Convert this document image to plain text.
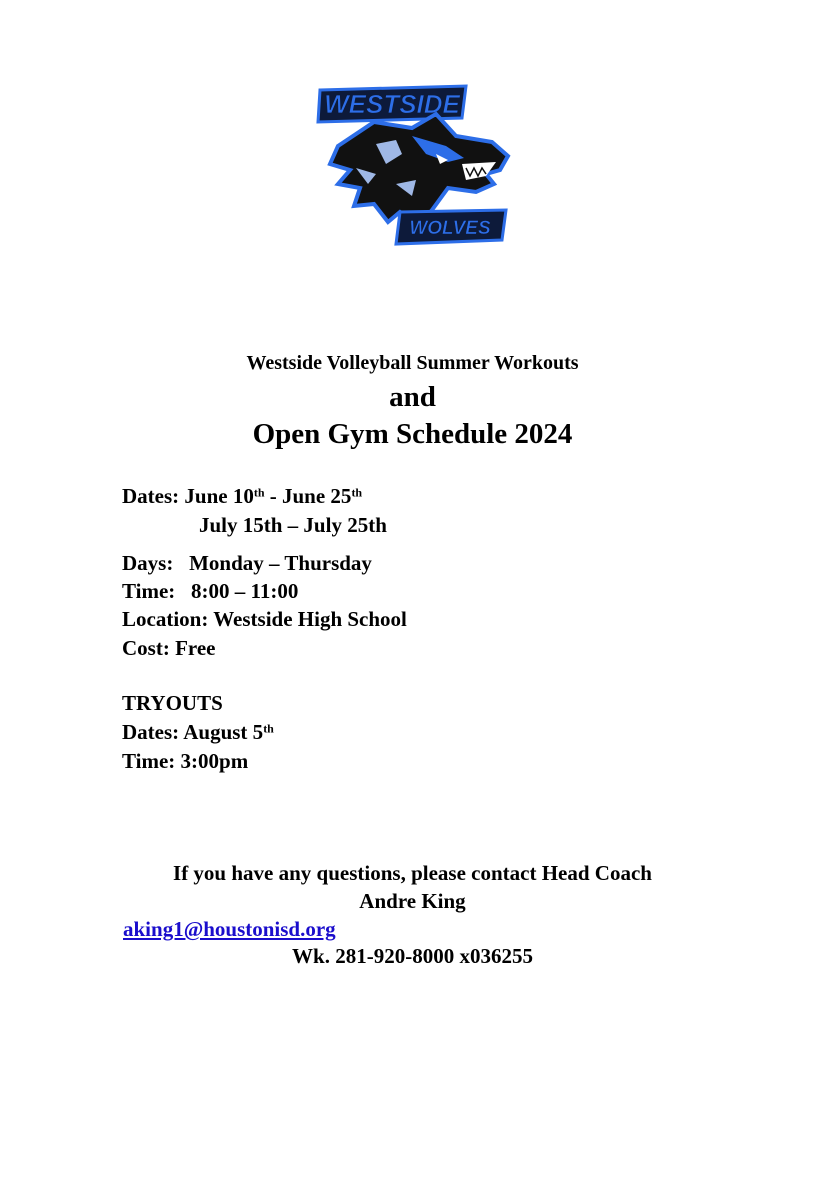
WESTSIDE
WOLVES

Westside Volleyball Summer Workouts

and

Open Gym Schedule 2024

Dates: June 10th - June 25th
July 15th – July 25th
Days:   Monday – Thursday
Time:   8:00 – 11:00
Location: Westside High School
Cost: Free
TRYOUTS
Dates: August 5th
Time: 3:00pm
If you have any questions, please contact Head Coach
Andre King
aking1@houstonisd.org
Wk. 281-920-8000 x036255
